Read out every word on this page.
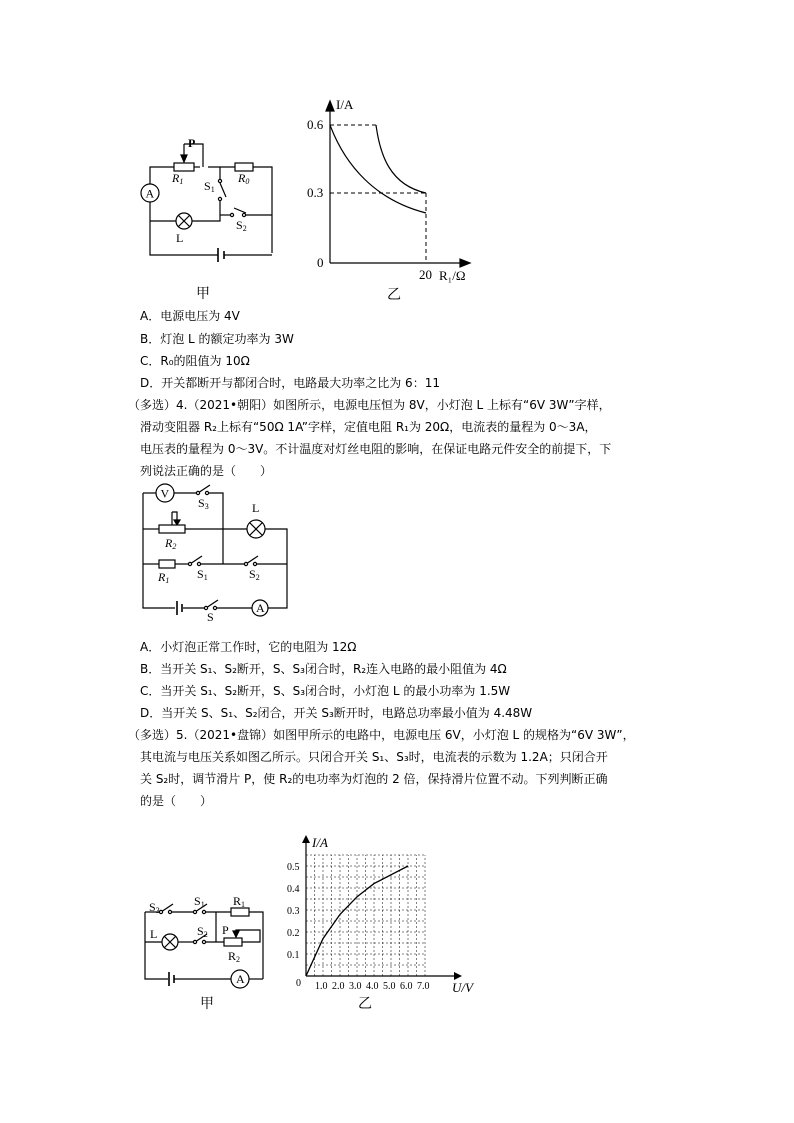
A
P
R1 S1
R0
L
S2
甲
I/A
0.6
0.3
0
20 R₁/Ω
乙
A．电源电压为 4V
B．灯泡 L 的额定功率为 3W
C．R₀的阻值为 10Ω
D．开关都断开与都闭合时，电路最大功率之比为 6：11
（多选）4.（2021•朝阳）如图所示，电源电压恒为 8V，小灯泡 L 上标有“6V 3W”字样，
滑动变阻器 R₂上标有“50Ω 1A”字样，定值电阻 R₁为 20Ω，电流表的量程为 0～3A，
电压表的量程为 0～3V。不计温度对灯丝电阻的影响，在保证电路元件安全的前提下，下
列说法正确的是（　　）
V
S3	L
R2
R1 S1	S2
S
A
A．小灯泡正常工作时，它的电阻为 12Ω
B．当开关 S₁、S₂断开，S、S₃闭合时，R₂连入电路的最小阻值为 4Ω
C．当开关 S₁、S₂断开，S、S₃闭合时，小灯泡 L 的最小功率为 1.5W
D．当开关 S、S₁、S₂闭合，开关 S₃断开时，电路总功率最小值为 4.48W
（多选）5.（2021•盘锦）如图甲所示的电路中，电源电压 6V，小灯泡 L 的规格为“6V 3W”，
其电流与电压关系如图乙所示。只闭合开关 S₁、S₃时，电流表的示数为 1.2A；只闭合开
关 S₂时，调节滑片 P，使 R₂的电功率为灯泡的 2 倍，保持滑片位置不动。下列判断正确
的是（　　）
S3
S1 R1
L	S2 P
R2
A
甲
1.0 2.0 3.0 4.0 5.0 6.0 7.0
0.1
0.2
0.3
0.4
0.5
0
I/A
U/V
乙
